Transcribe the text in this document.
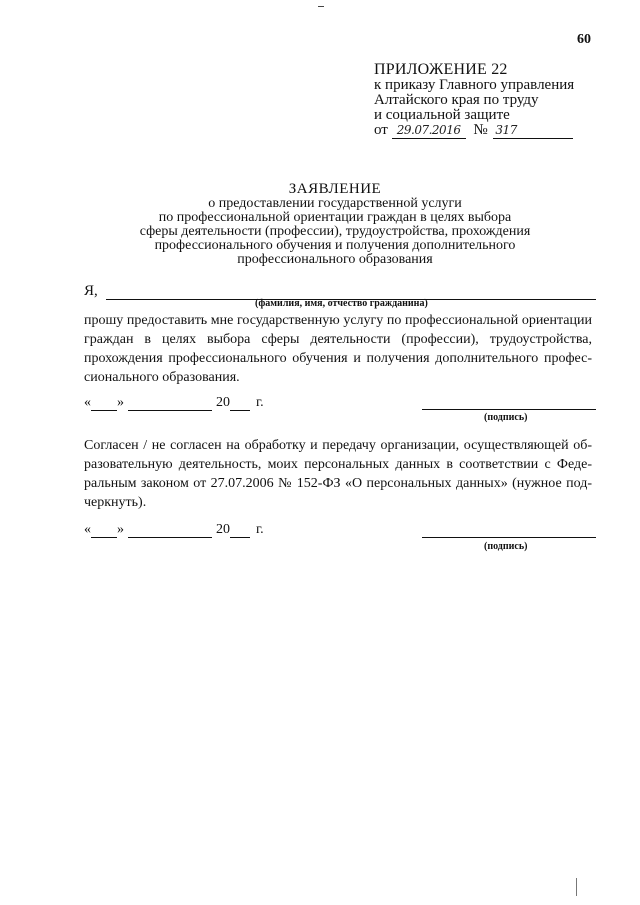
60
ПРИЛОЖЕНИЕ 22
к приказу Главного управления
Алтайского края по труду
и социальной защите
от 29.07.2016 № 317
ЗАЯВЛЕНИЕ
о предоставлении государственной услуги
по профессиональной ориентации граждан в целях выбора
сферы деятельности (профессии), трудоустройства, прохождения
профессионального обучения и получения дополнительного
профессионального образования
Я,
(фамилия, имя, отчество гражданина)
прошу предоставить мне государственную услугу по профессиональной ориентации граждан в целях выбора сферы деятельности (профессии), трудоустройства, прохождения профессионального обучения и получения дополнительного профессионального образования.
« »	20 г.
(подпись)
Согласен / не согласен на обработку и передачу организации, осуществляющей образовательную деятельность, моих персональных данных в соответствии с Федеральным законом от 27.07.2006 № 152-ФЗ «О персональных данных» (нужное подчеркнуть).
« »	20 г.
(подпись)
